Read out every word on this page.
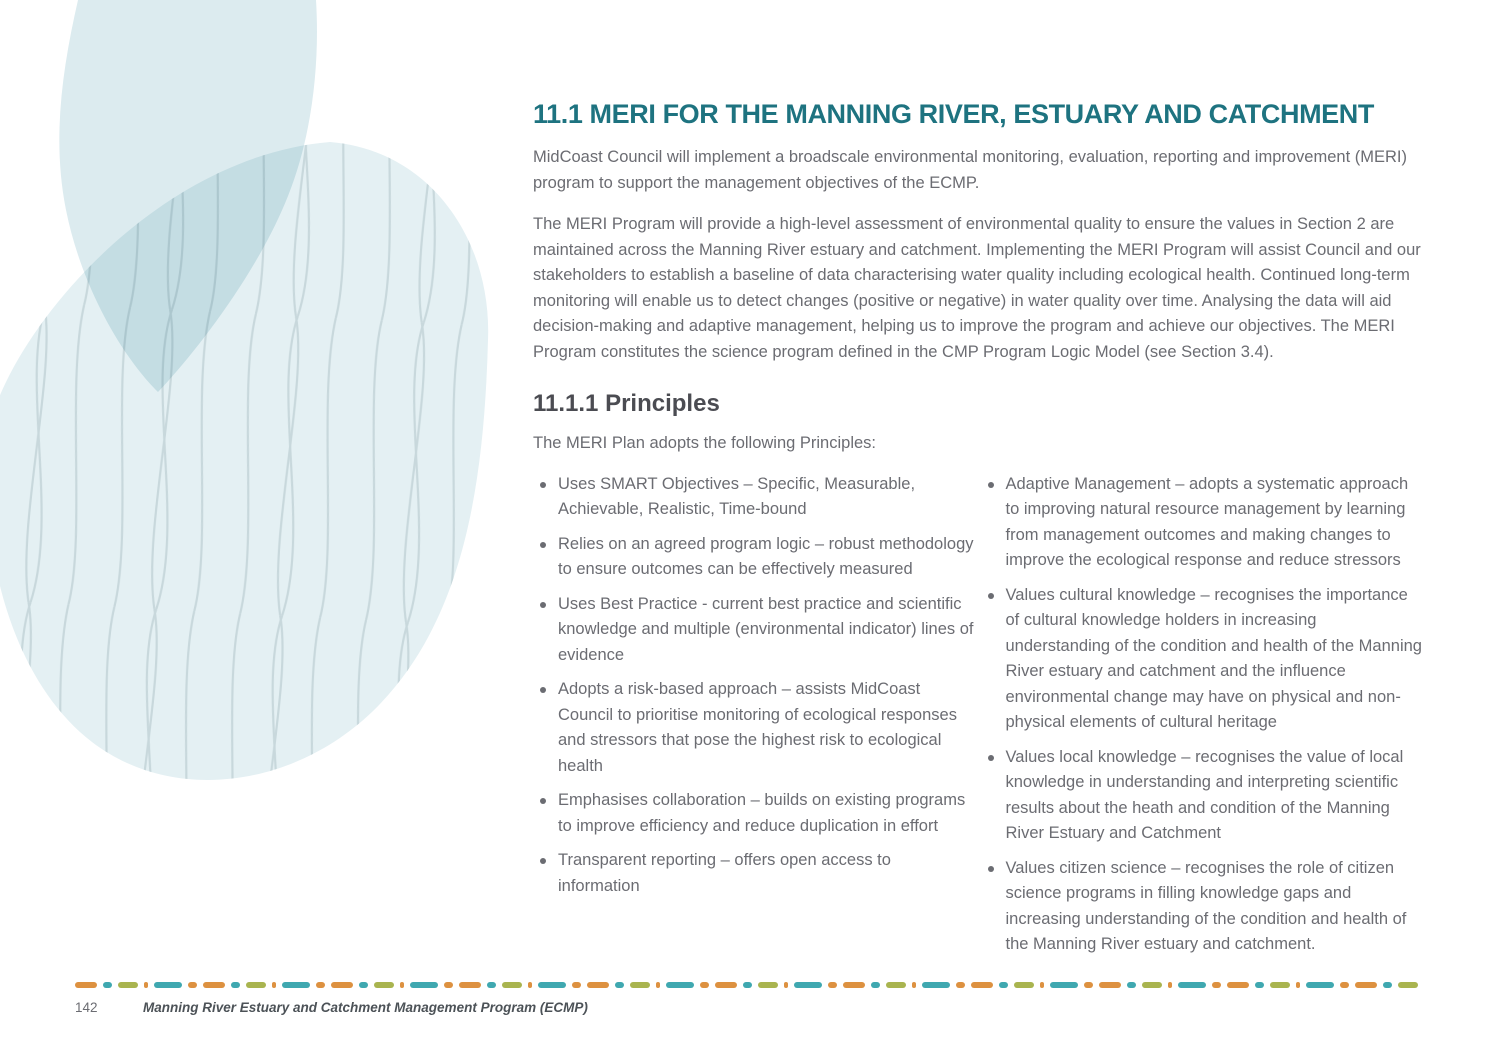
11.1 MERI FOR THE MANNING RIVER, ESTUARY AND CATCHMENT

MidCoast Council will implement a broadscale environmental monitoring, evaluation, reporting and improvement (MERI) program to support the management objectives of the ECMP.

The MERI Program will provide a high-level assessment of environmental quality to ensure the values in Section 2 are maintained across the Manning River estuary and catchment. Implementing the MERI Program will assist Council and our stakeholders to establish a baseline of data characterising water quality including ecological health. Continued long-term monitoring will enable us to detect changes (positive or negative) in water quality over time. Analysing the data will aid decision-making and adaptive management, helping us to improve the program and achieve our objectives. The MERI Program constitutes the science program defined in the CMP Program Logic Model (see Section 3.4).

11.1.1 Principles

The MERI Plan adopts the following Principles:

Uses SMART Objectives – Specific, Measurable, Achievable, Realistic, Time-bound
Relies on an agreed program logic – robust methodology to ensure outcomes can be effectively measured
Uses Best Practice - current best practice and scientific knowledge and multiple (environmental indicator) lines of evidence
Adopts a risk-based approach – assists MidCoast Council to prioritise monitoring of ecological responses and stressors that pose the highest risk to ecological health
Emphasises collaboration – builds on existing programs to improve efficiency and reduce duplication in effort
Transparent reporting – offers open access to information
Adaptive Management – adopts a systematic approach to improving natural resource management by learning from management outcomes and making changes to improve the ecological response and reduce stressors
Values cultural knowledge – recognises the importance of cultural knowledge holders in increasing understanding of the condition and health of the Manning River estuary and catchment and the influence environmental change may have on physical and non-physical elements of cultural heritage
Values local knowledge – recognises the value of local knowledge in understanding and interpreting scientific results about the heath and condition of the Manning River Estuary and Catchment
Values citizen science – recognises the role of citizen science programs in filling knowledge gaps and increasing understanding of the condition and health of the Manning River estuary and catchment.
142	Manning River Estuary and Catchment Management Program (ECMP)
